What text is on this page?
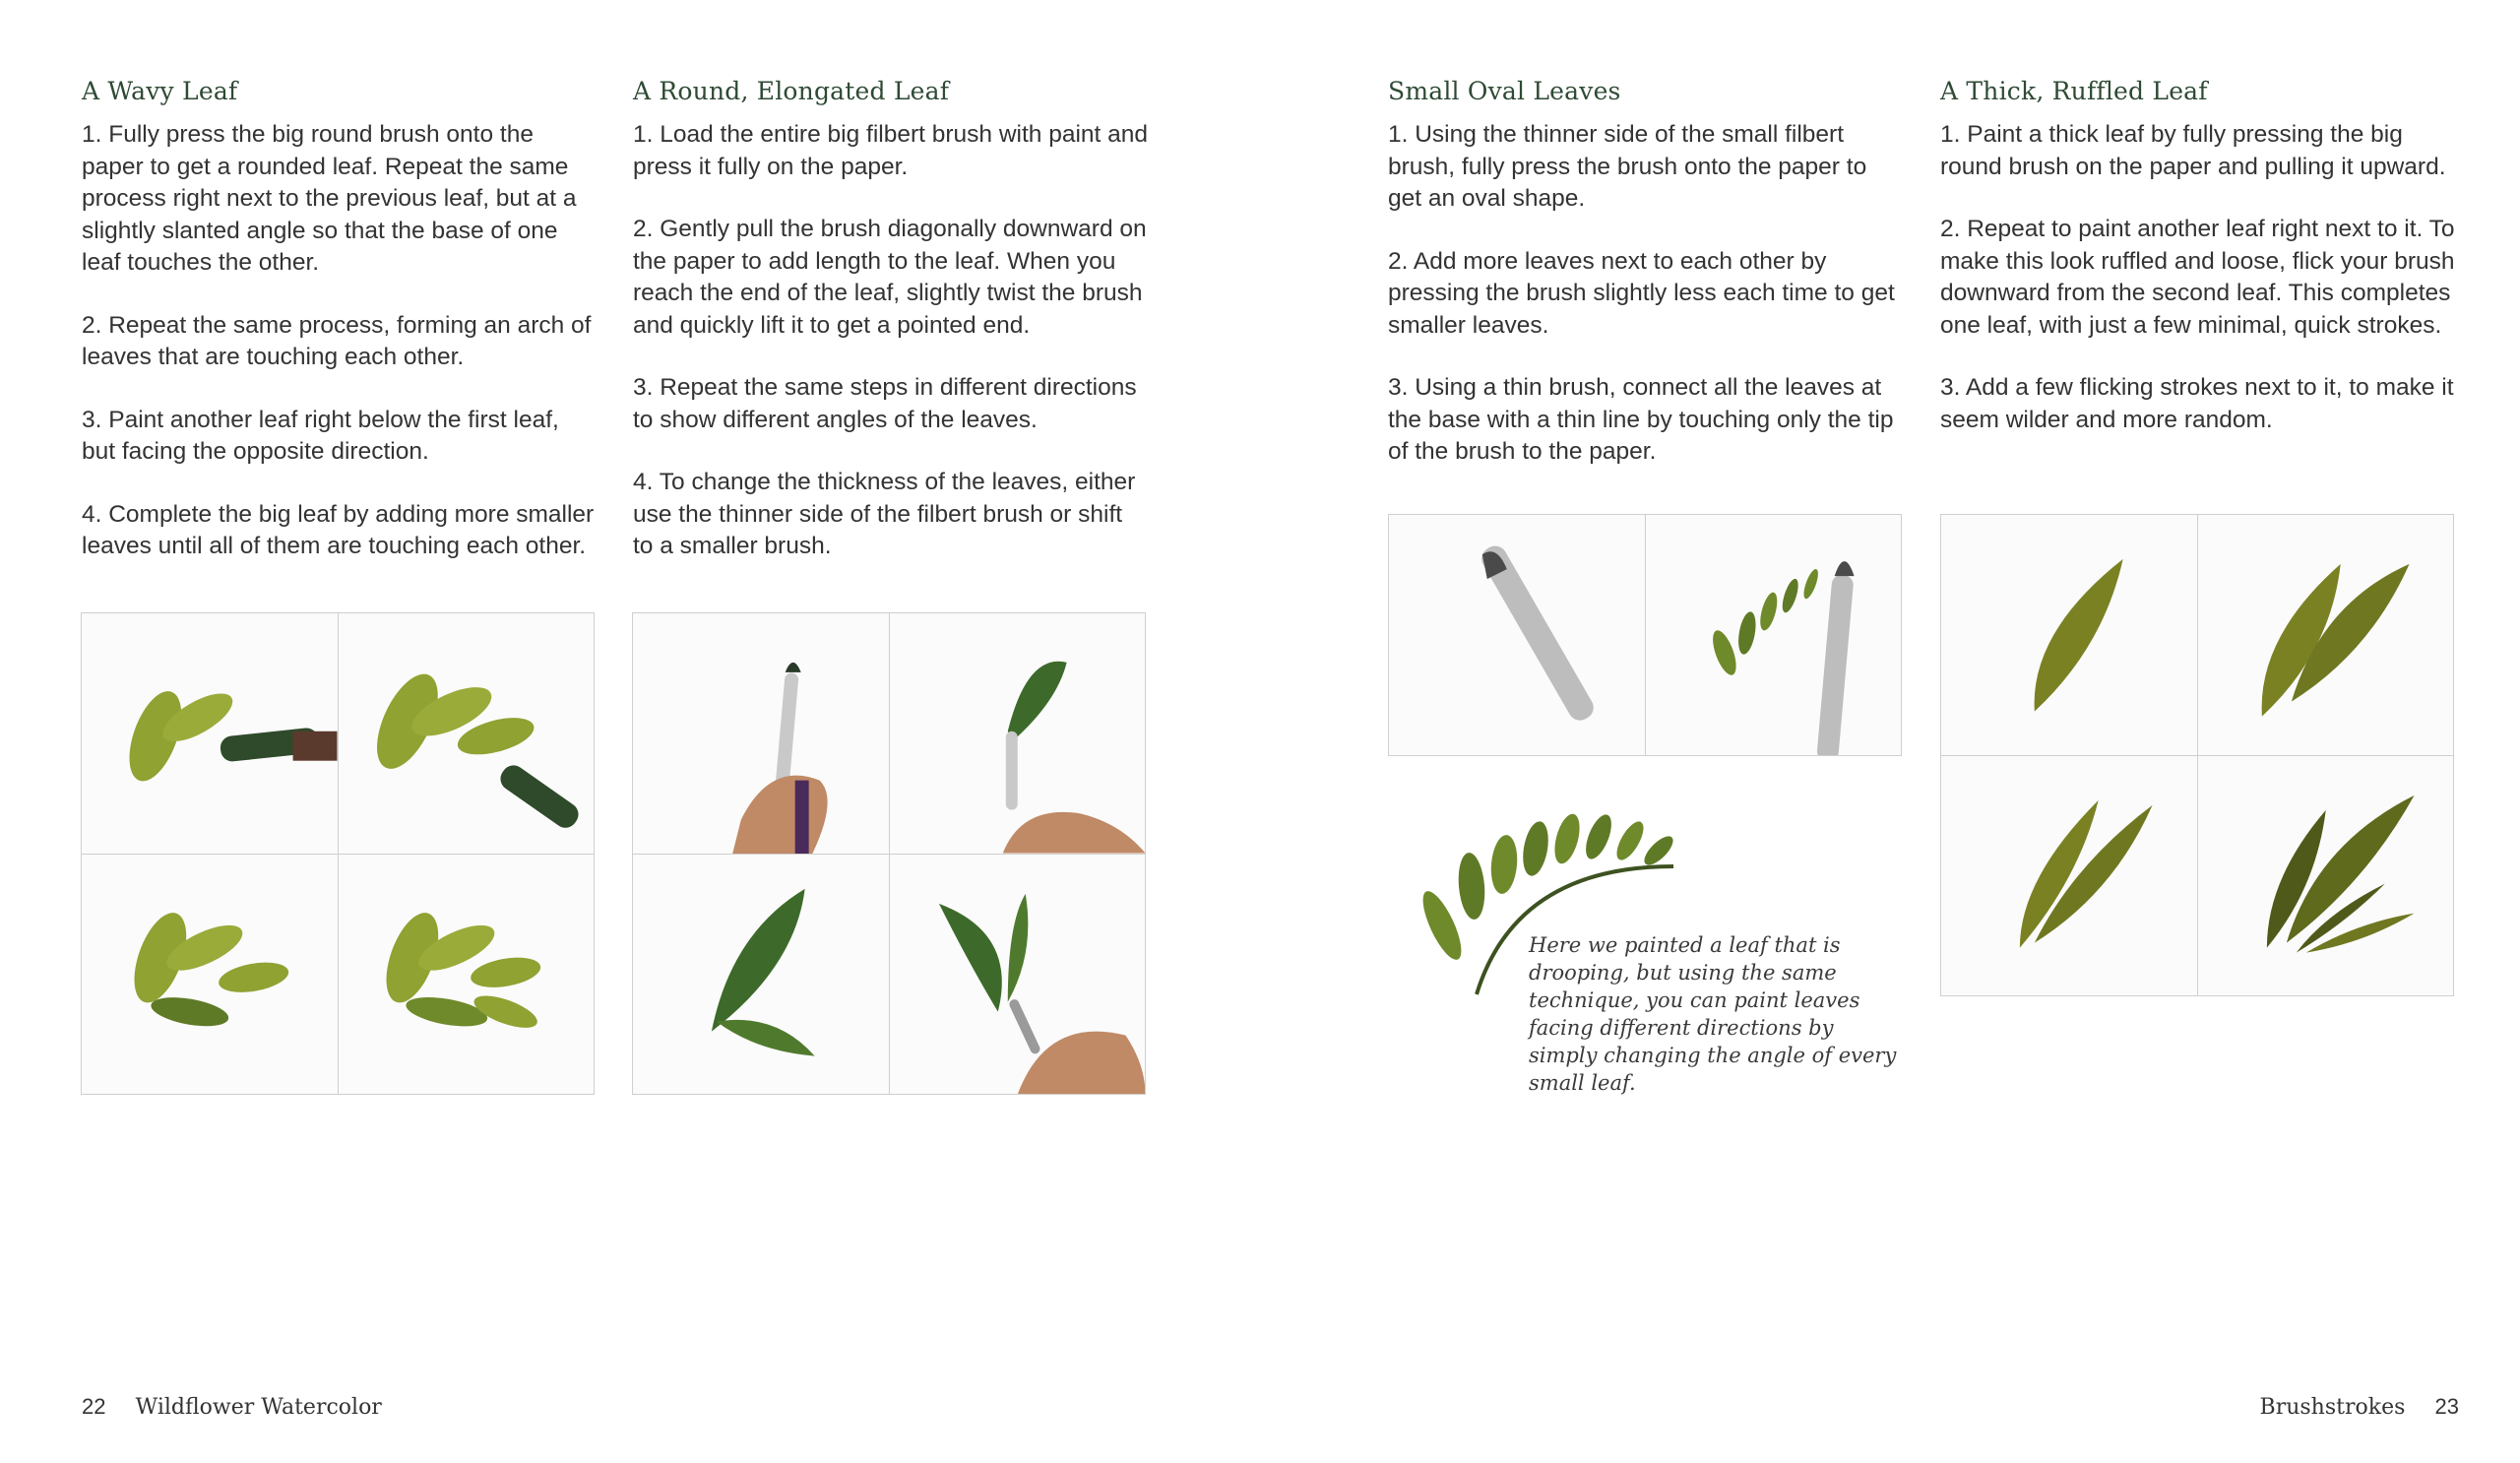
A Wavy Leaf

1. Fully press the big round brush onto the paper to get a rounded leaf. Repeat the same process right next to the previous leaf, but at a slightly slanted angle so that the base of one leaf touches the other.

2. Repeat the same process, forming an arch of leaves that are touching each other.

3. Paint another leaf right below the first leaf, but facing the opposite direction.

4. Complete the big leaf by adding more smaller leaves until all of them are touching each other.

A Round, Elongated Leaf

1. Load the entire big filbert brush with paint and press it fully on the paper.

2. Gently pull the brush diagonally downward on the paper to add length to the leaf. When you reach the end of the leaf, slightly twist the brush and quickly lift it to get a pointed end.

3. Repeat the same steps in different directions to show different angles of the leaves.

4. To change the thickness of the leaves, either use the thinner side of the filbert brush or shift to a smaller brush.

Small Oval Leaves

1. Using the thinner side of the small filbert brush, fully press the brush onto the paper to get an oval shape.

2. Add more leaves next to each other by pressing the brush slightly less each time to get smaller leaves.

3. Using a thin brush, connect all the leaves at the base with a thin line by touching only the tip of the brush to the paper.

A Thick, Ruffled Leaf

1. Paint a thick leaf by fully pressing the big round brush on the paper and pulling it upward.

2. Repeat to paint another leaf right next to it. To make this look ruffled and loose, flick your brush downward from the second leaf. This completes one leaf, with just a few minimal, quick strokes.

3. Add a few flicking strokes next to it, to make it seem wilder and more random.

Here we painted a leaf that is drooping, but using the same technique, you can paint leaves facing different directions by simply changing the angle of every small leaf.

22 Wildflower Watercolor	Brushstrokes 23
